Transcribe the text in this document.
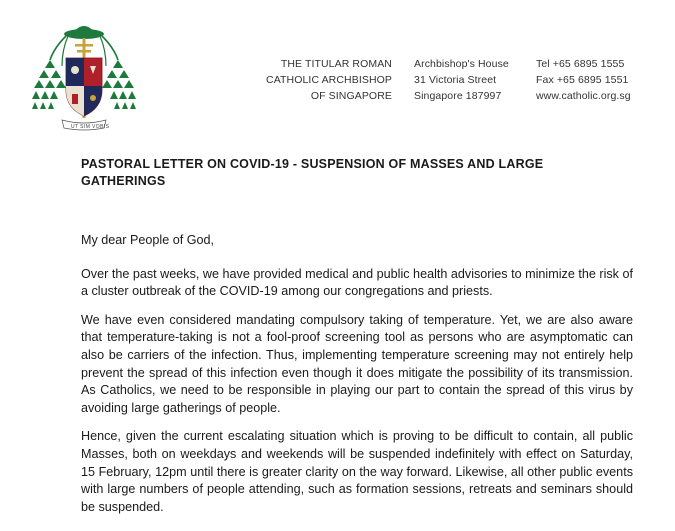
UT SIM VOBIS
THE TITULAR ROMAN
CATHOLIC ARCHBISHOP
OF SINGAPORE
Archbishop's House
31 Victoria Street
Singapore 187997
Tel +65 6895 1555
Fax +65 6895 1551
www.catholic.org.sg
PASTORAL LETTER ON COVID-19 - SUSPENSION OF MASSES AND LARGE
GATHERINGS

My dear People of God,

Over the past weeks, we have provided medical and public health advisories to minimize the risk of a cluster outbreak of the COVID-19 among our congregations and priests.

We have even considered mandating compulsory taking of temperature. Yet, we are also aware that temperature-taking is not a fool-proof screening tool as persons who are asymptomatic can also be carriers of the infection. Thus, implementing temperature screening may not entirely help prevent the spread of this infection even though it does mitigate the possibility of its transmission. As Catholics, we need to be responsible in playing our part to contain the spread of this virus by avoiding large gatherings of people.

Hence, given the current escalating situation which is proving to be difficult to contain, all public Masses, both on weekdays and weekends will be suspended indefinitely with effect on Saturday, 15 February, 12pm until there is greater clarity on the way forward. Likewise, all other public events with large numbers of people attending, such as formation sessions, retreats and seminars should be suspended.
